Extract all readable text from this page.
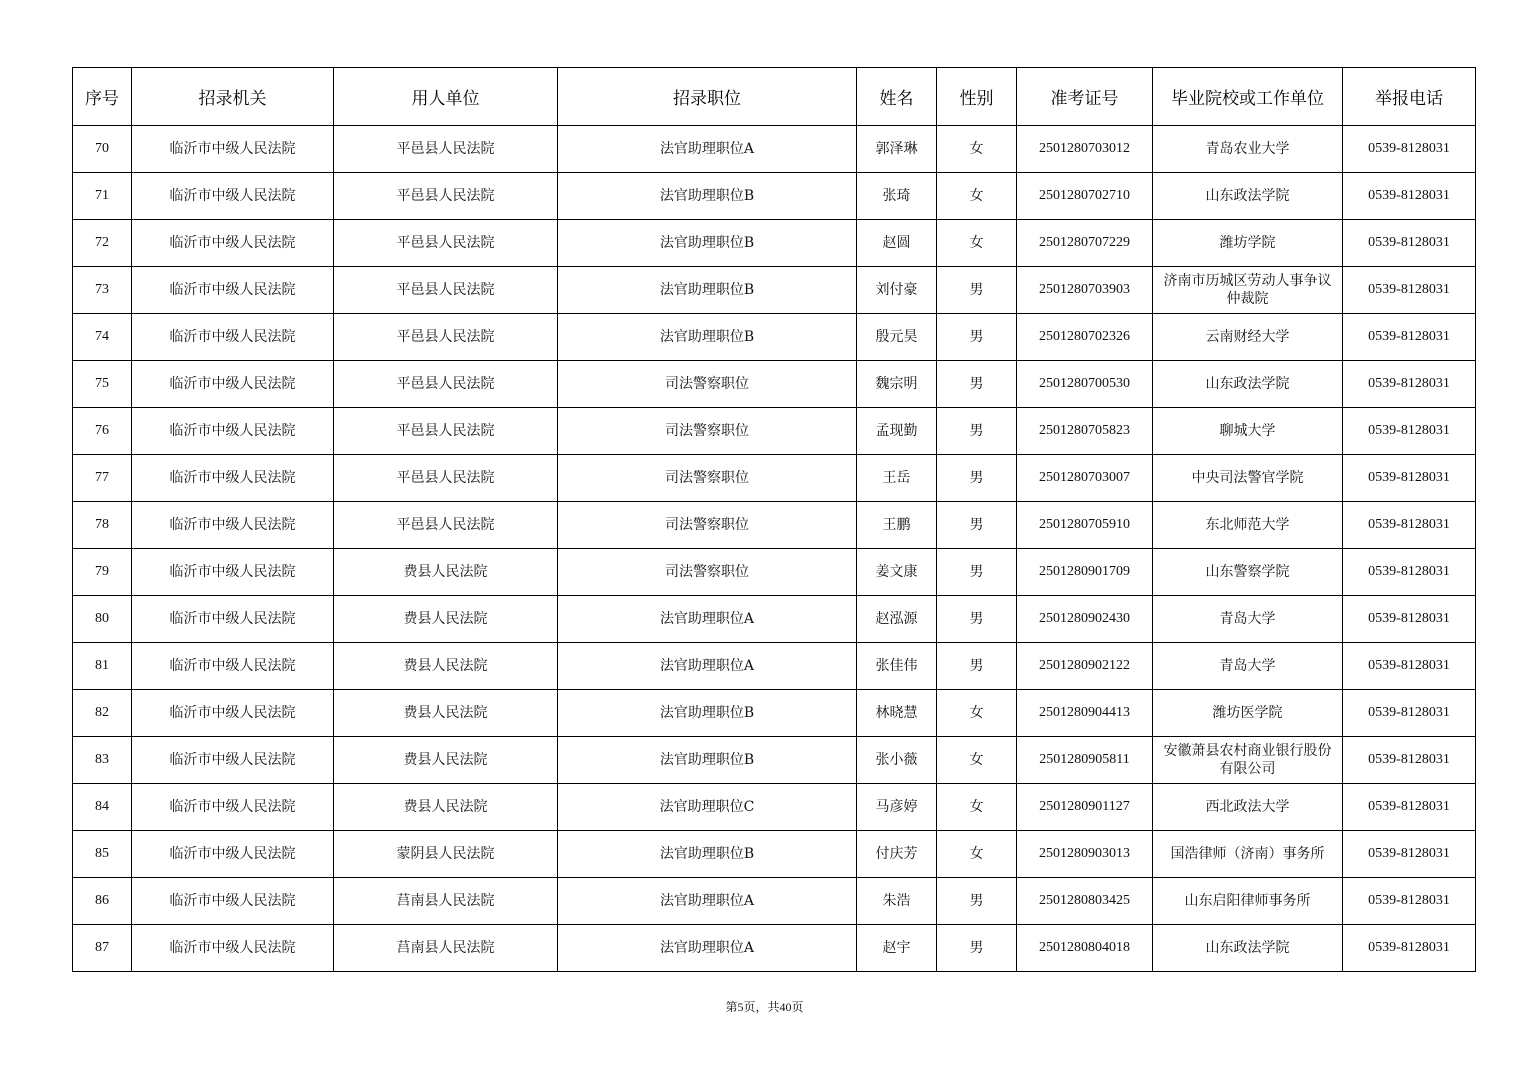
序号	招录机关	用人单位	招录职位	姓名	性别	准考证号	毕业院校或工作单位	举报电话
70	临沂市中级人民法院	平邑县人民法院	法官助理职位A	郭泽琳	女	2501280703012	青岛农业大学	0539-8128031
71	临沂市中级人民法院	平邑县人民法院	法官助理职位B	张琦	女	2501280702710	山东政法学院	0539-8128031
72	临沂市中级人民法院	平邑县人民法院	法官助理职位B	赵圆	女	2501280707229	潍坊学院	0539-8128031
73	临沂市中级人民法院	平邑县人民法院	法官助理职位B	刘付豪	男	2501280703903	济南市历城区劳动人事争议仲裁院	0539-8128031
74	临沂市中级人民法院	平邑县人民法院	法官助理职位B	殷元昊	男	2501280702326	云南财经大学	0539-8128031
75	临沂市中级人民法院	平邑县人民法院	司法警察职位	魏宗明	男	2501280700530	山东政法学院	0539-8128031
76	临沂市中级人民法院	平邑县人民法院	司法警察职位	孟现勤	男	2501280705823	聊城大学	0539-8128031
77	临沂市中级人民法院	平邑县人民法院	司法警察职位	王岳	男	2501280703007	中央司法警官学院	0539-8128031
78	临沂市中级人民法院	平邑县人民法院	司法警察职位	王鹏	男	2501280705910	东北师范大学	0539-8128031
79	临沂市中级人民法院	费县人民法院	司法警察职位	姜文康	男	2501280901709	山东警察学院	0539-8128031
80	临沂市中级人民法院	费县人民法院	法官助理职位A	赵泓源	男	2501280902430	青岛大学	0539-8128031
81	临沂市中级人民法院	费县人民法院	法官助理职位A	张佳伟	男	2501280902122	青岛大学	0539-8128031
82	临沂市中级人民法院	费县人民法院	法官助理职位B	林晓慧	女	2501280904413	潍坊医学院	0539-8128031
83	临沂市中级人民法院	费县人民法院	法官助理职位B	张小薇	女	2501280905811	安徽萧县农村商业银行股份有限公司	0539-8128031
84	临沂市中级人民法院	费县人民法院	法官助理职位C	马彦婷	女	2501280901127	西北政法大学	0539-8128031
85	临沂市中级人民法院	蒙阴县人民法院	法官助理职位B	付庆芳	女	2501280903013	国浩律师（济南）事务所	0539-8128031
86	临沂市中级人民法院	莒南县人民法院	法官助理职位A	朱浩	男	2501280803425	山东启阳律师事务所	0539-8128031
87	临沂市中级人民法院	莒南县人民法院	法官助理职位A	赵宇	男	2501280804018	山东政法学院	0539-8128031
第5页，共40页
